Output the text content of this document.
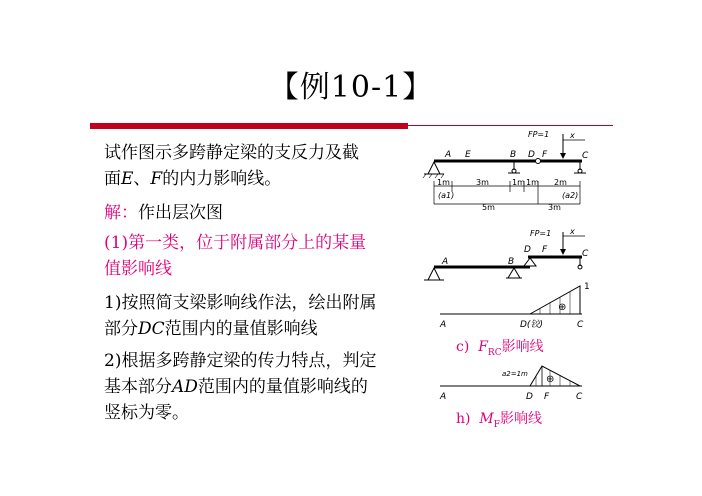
【例10-1】
试作图示多跨静定梁的支反力及截
面E、F的内力影响线。
解：作出层次图
(1)第一类，位于附属部分上的某量
值影响线
1)按照简支梁影响线作法，绘出附属
部分DC范围内的量值影响线
2)根据多跨静定梁的传力特点，判定
基本部分AD范围内的量值影响线的
竖标为零。
FP=1	x
A E	B D F	C
1m	3m	1m 1m 2m
(a1)
5m	3m
(a2)
FP=1 x
A	B
D F	C
⊕
1
A	D(铰)	C
a2=1m ⊕
A	D F	C
c)  $F_{RC}$影响线
h)  $M_F$影响线
